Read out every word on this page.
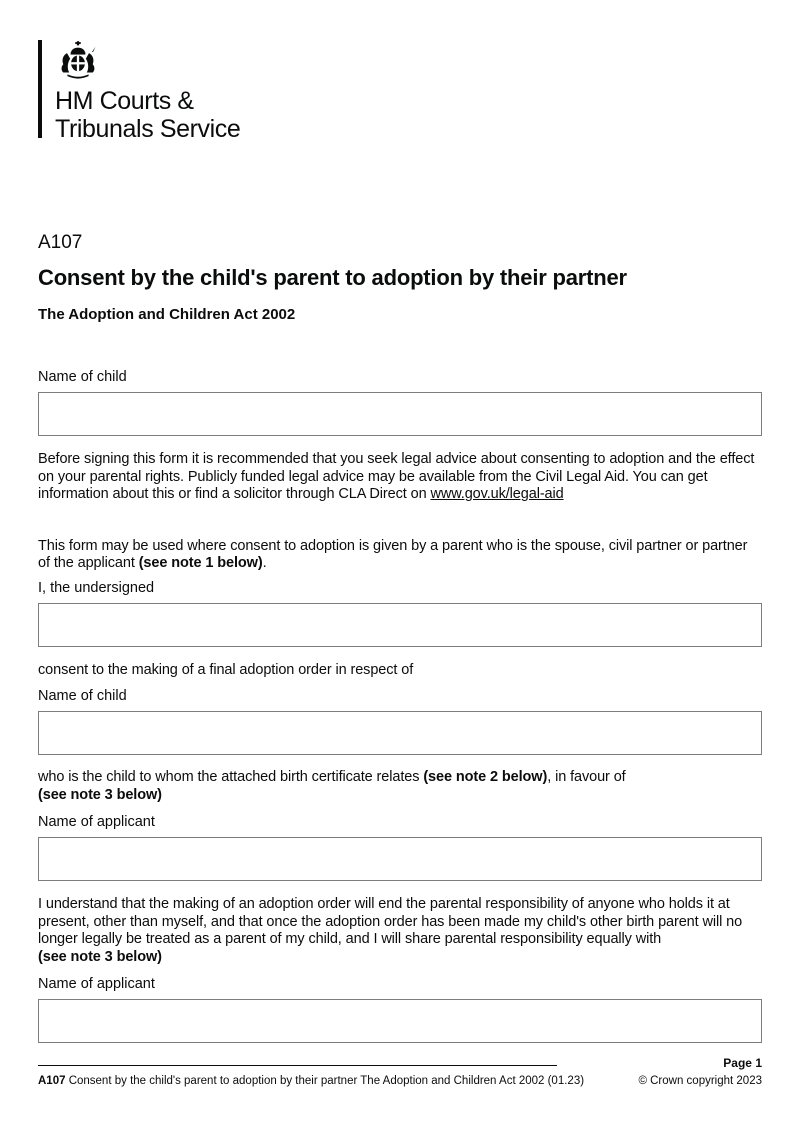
HM Courts &
Tribunals Service
A107
Consent by the child's parent to adoption by their partner
The Adoption and Children Act 2002
Name of child

Before signing this form it is recommended that you seek legal advice about consenting to adoption and the effect on your parental rights. Publicly funded legal advice may be available from the Civil Legal Aid. You can get information about this or find a solicitor through CLA Direct on www.gov.uk/legal-aid

This form may be used where consent to adoption is given by a parent who is the spouse, civil partner or partner of the applicant (see note 1 below).

I, the undersigned

consent to the making of a final adoption order in respect of

Name of child

who is the child to whom the attached birth certificate relates (see note 2 below), in favour of
(see note 3 below)

Name of applicant

I understand that the making of an adoption order will end the parental responsibility of anyone who holds it at present, other than myself, and that once the adoption order has been made my child's other birth parent will no longer legally be treated as a parent of my child, and I will share parental responsibility equally with
(see note 3 below)

Name of applicant
Page 1
A107 Consent by the child's parent to adoption by their partner The Adoption and Children Act 2002 (01.23)	© Crown copyright 2023
